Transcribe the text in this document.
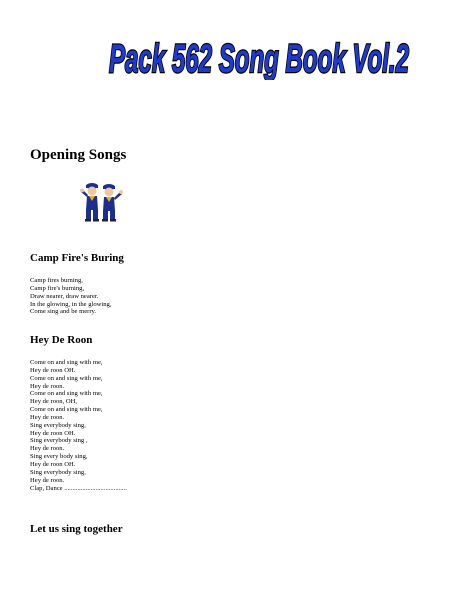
Pack 562 Song Book Vol.2
Opening Songs
Camp Fire's Buring
Camp fires burning,
Camp fire's burning,
Draw nearer, draw nearer.
In the glowing, in the glowing,
Come sing and be merry.
Hey De Roon
Come on and sing with me,
Hey de roon OH.
Come on and sing with me,
Hey de roon.
Come on and sing with me,
Hey de roon, OH,
Come on and sing with me,
Hey de roon.
Sing everybody sing,
Hey de roon OH.
Sing everybody sing ,
Hey de roon.
Sing every body sing,
Hey de roon OH.
Sing everybody sing,
Hey de roon.
Clap, Dance ......................................
Let us sing together
